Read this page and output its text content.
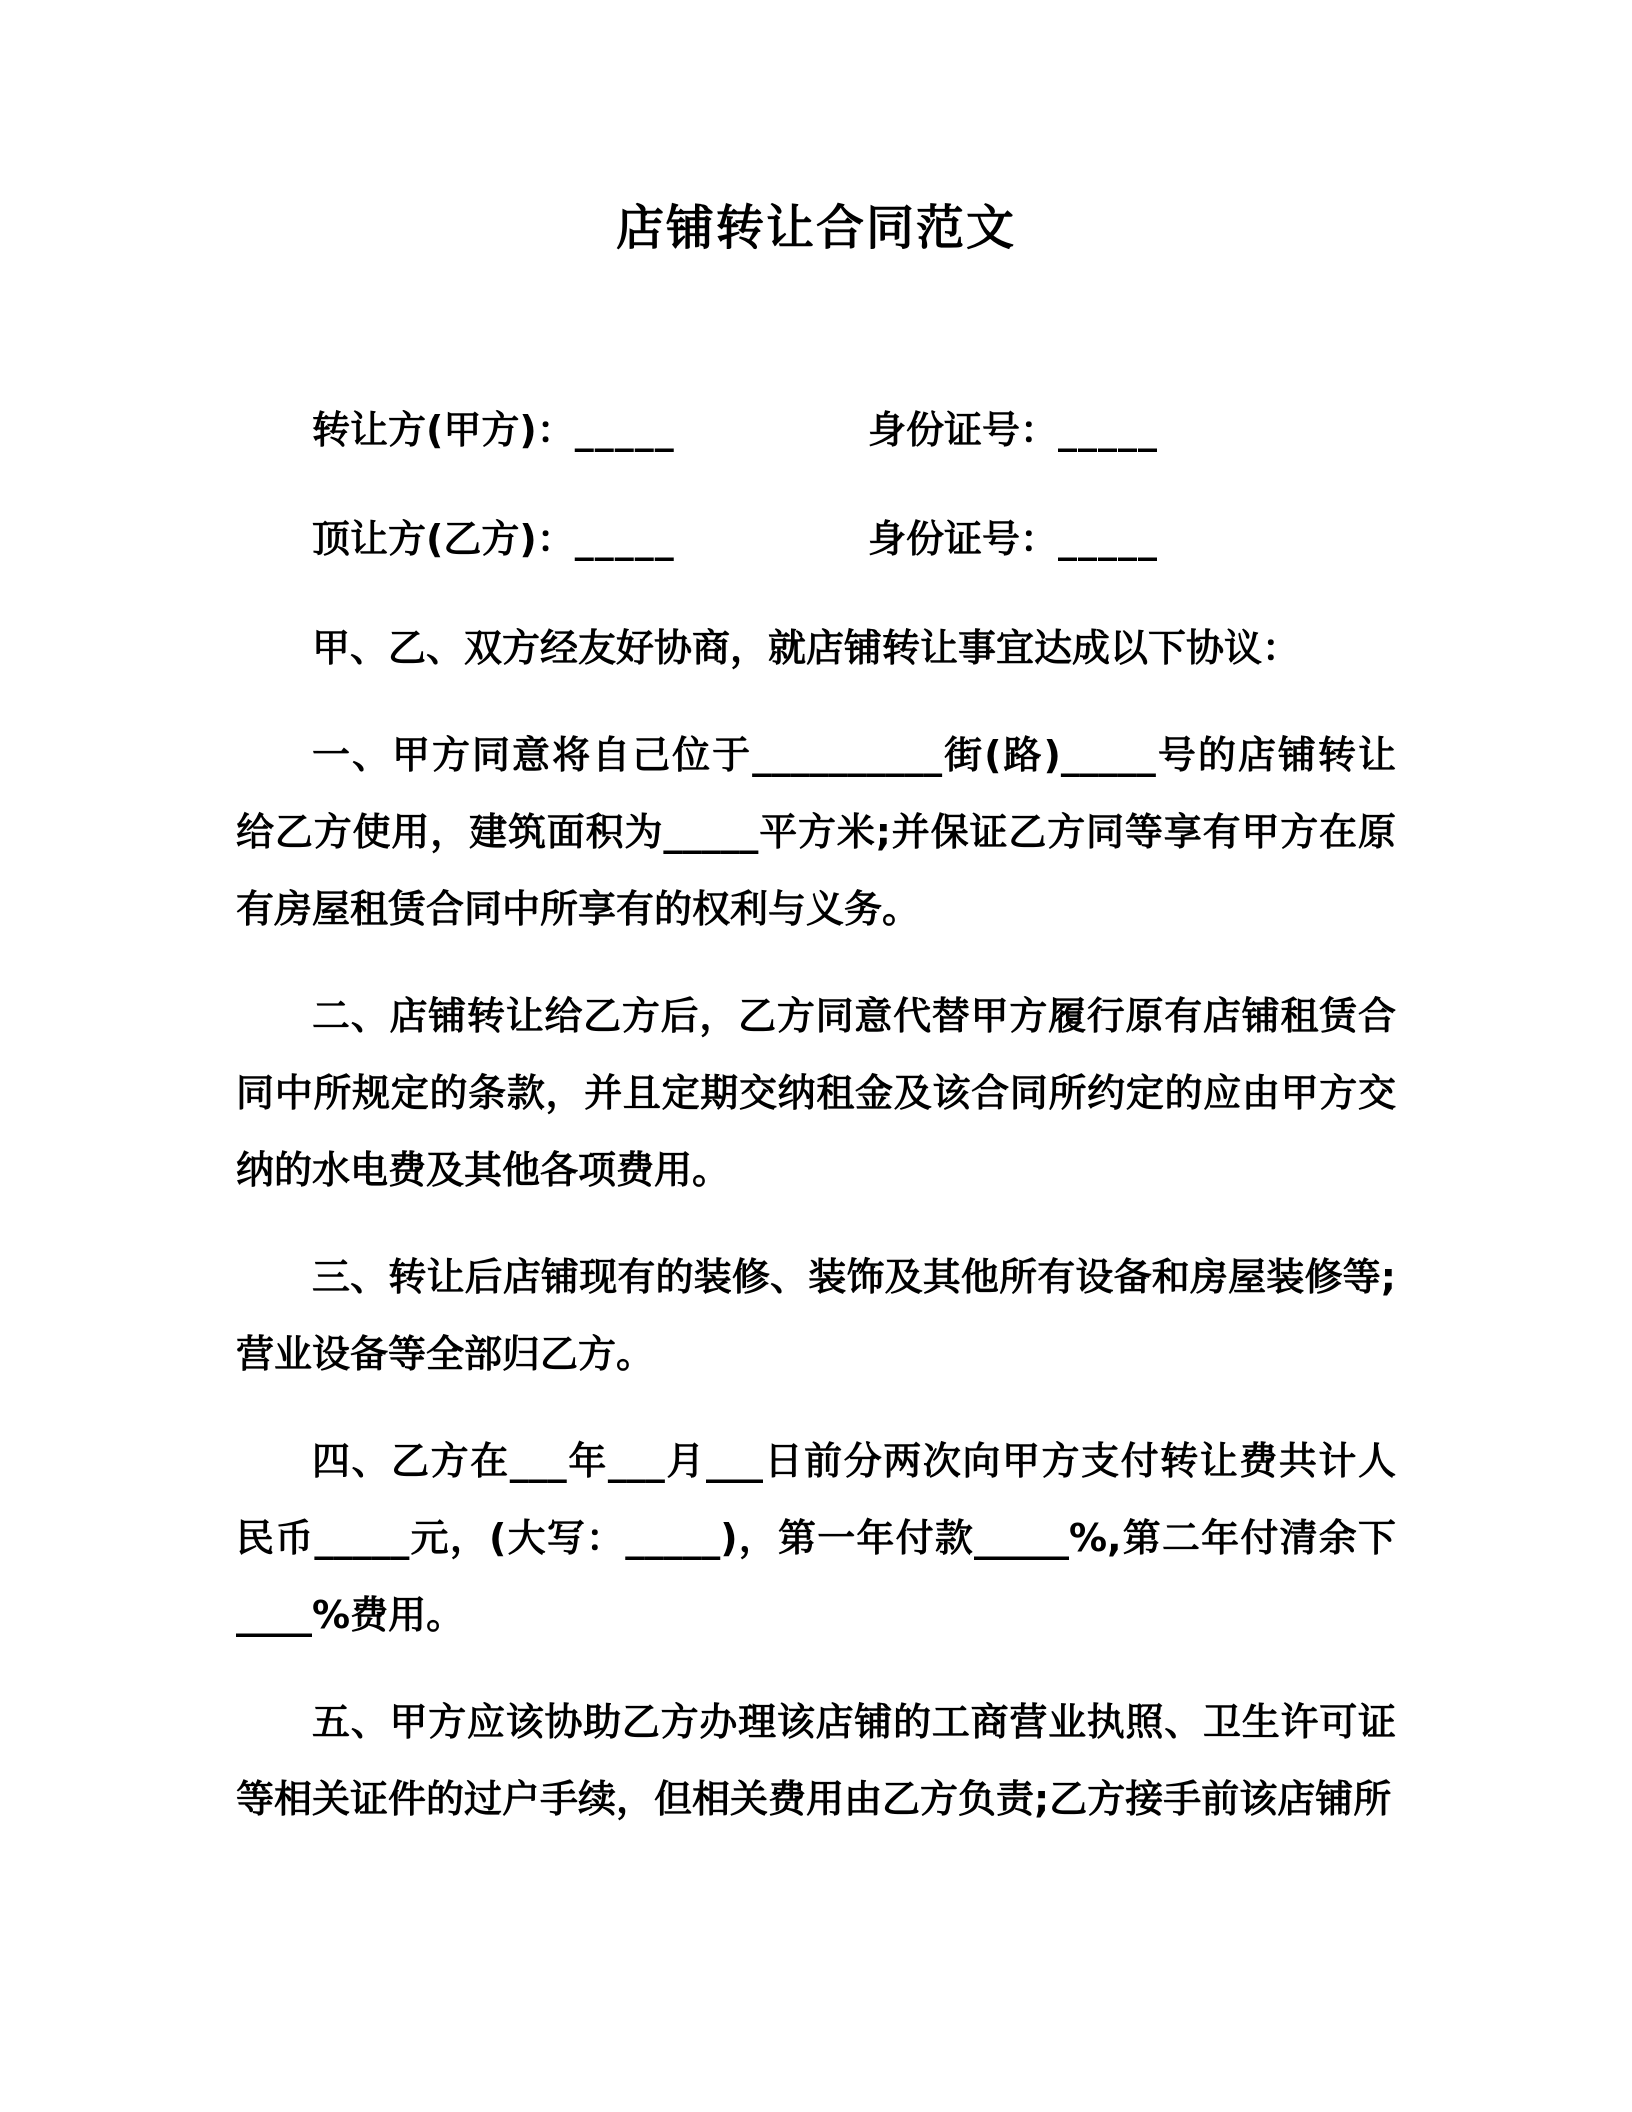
店铺转让合同范文
转让方(甲方)：_____	身份证号：_____
顶让方(乙方)：_____	身份证号：_____
甲、乙、双方经友好协商，就店铺转让事宜达成以下协议：
一、甲方同意将自己位于__________街(路)_____号的店铺转让
给乙方使用，建筑面积为_____平方米;并保证乙方同等享有甲方在原
有房屋租赁合同中所享有的权利与义务。
二、店铺转让给乙方后，乙方同意代替甲方履行原有店铺租赁合
同中所规定的条款，并且定期交纳租金及该合同所约定的应由甲方交
纳的水电费及其他各项费用。
三、转让后店铺现有的装修、装饰及其他所有设备和房屋装修等;
营业设备等全部归乙方。
四、乙方在___年___月___日前分两次向甲方支付转让费共计人
民币_____元，(大写：_____)，第一年付款_____%,第二年付清余下
____%费用。
五、甲方应该协助乙方办理该店铺的工商营业执照、卫生许可证
等相关证件的过户手续，但相关费用由乙方负责;乙方接手前该店铺所
